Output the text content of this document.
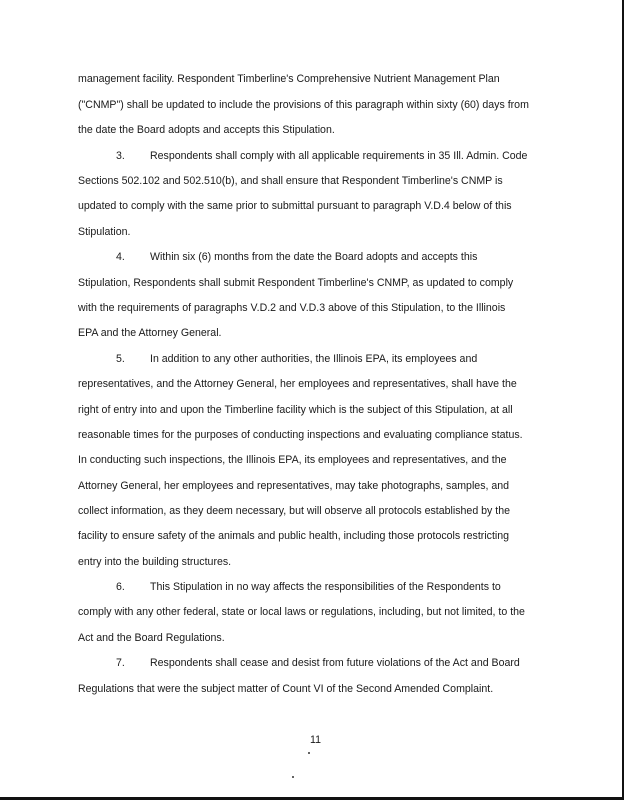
management facility. Respondent Timberline's Comprehensive Nutrient Management Plan
("CNMP") shall be updated to include the provisions of this paragraph within sixty (60) days from
the date the Board adopts and accepts this Stipulation.
3. Respondents shall comply with all applicable requirements in 35 Ill. Admin. Code
Sections 502.102 and 502.510(b), and shall ensure that Respondent Timberline's CNMP is
updated to comply with the same prior to submittal pursuant to paragraph V.D.4 below of this
Stipulation.
4. Within six (6) months from the date the Board adopts and accepts this
Stipulation, Respondents shall submit Respondent Timberline's CNMP, as updated to comply
with the requirements of paragraphs V.D.2 and V.D.3 above of this Stipulation, to the Illinois
EPA and the Attorney General.
5. In addition to any other authorities, the Illinois EPA, its employees and
representatives, and the Attorney General, her employees and representatives, shall have the
right of entry into and upon the Timberline facility which is the subject of this Stipulation, at all
reasonable times for the purposes of conducting inspections and evaluating compliance status.
In conducting such inspections, the Illinois EPA, its employees and representatives, and the
Attorney General, her employees and representatives, may take photographs, samples, and
collect information, as they deem necessary, but will observe all protocols established by the
facility to ensure safety of the animals and public health, including those protocols restricting
entry into the building structures.
6. This Stipulation in no way affects the responsibilities of the Respondents to
comply with any other federal, state or local laws or regulations, including, but not limited, to the
Act and the Board Regulations.
7. Respondents shall cease and desist from future violations of the Act and Board
Regulations that were the subject matter of Count VI of the Second Amended Complaint.
11
